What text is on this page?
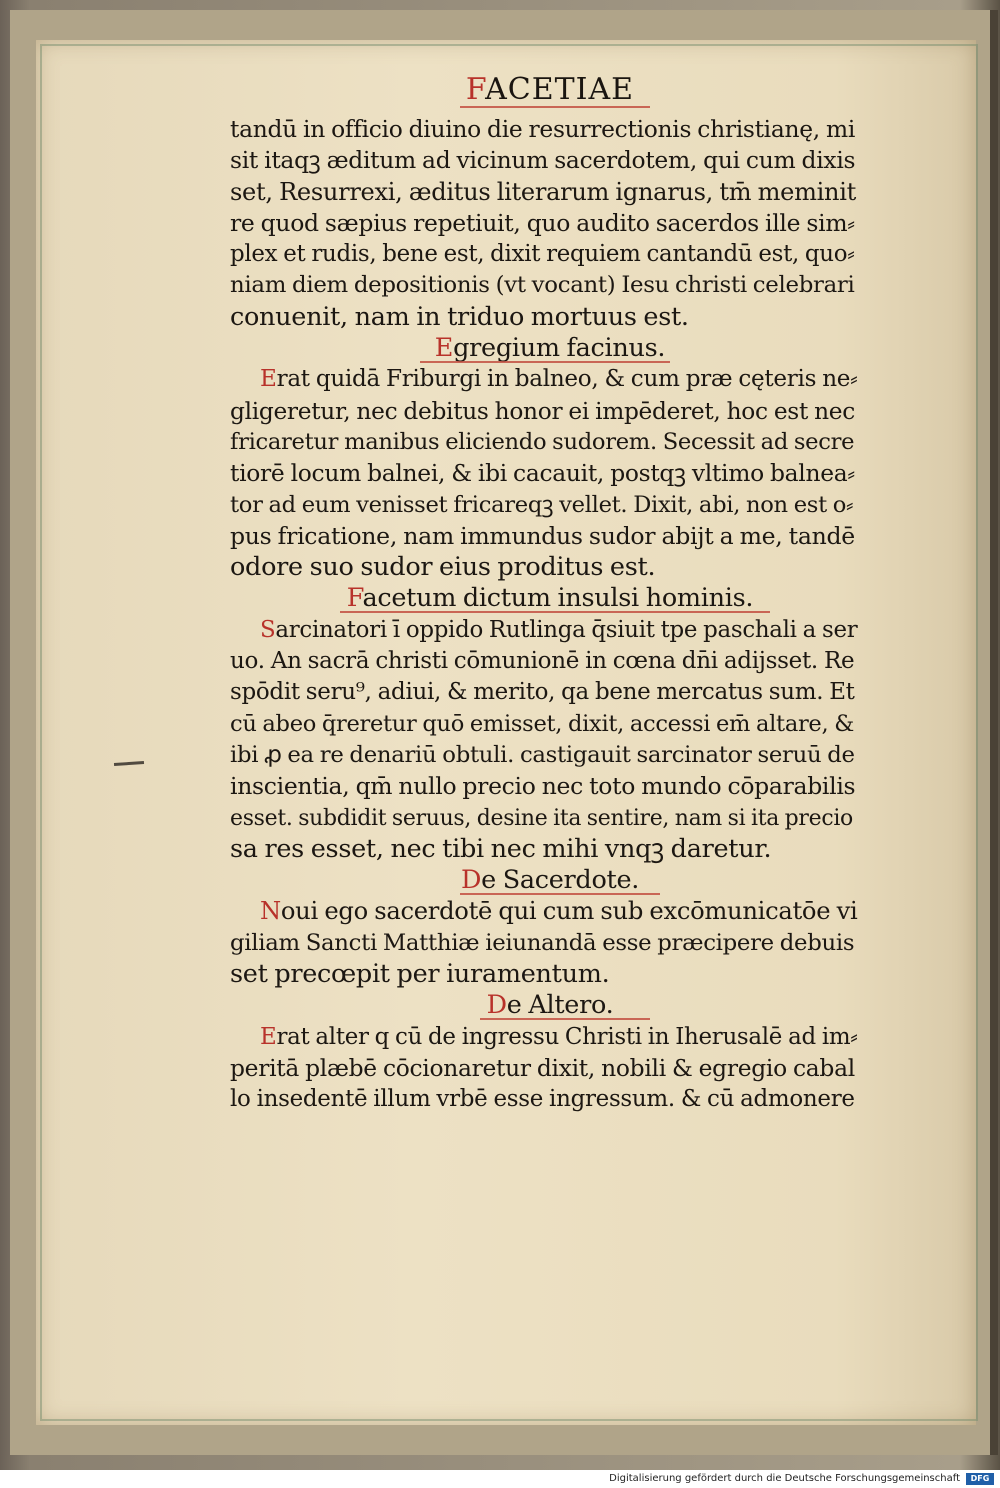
FACETIAE
tandū in officio diuino die resurrectionis christianę, mi
sit itaqꝫ æditum ad vicinum sacerdotem, qui cum dixis
set, Resurrexi, æditus literarum ignarus, tm̄ meminit
re quod sæpius repetiuit, quo audito sacerdos ille sim⸗
plex et rudis, bene est, dixit requiem cantandū est, quo⸗
niam diem depositionis (vt vocant) Iesu christi celebrari
conuenit, nam in triduo mortuus est.
Egregium facinus.
Erat quidā Friburgi in balneo, & cum præ cęteris ne⸗
gligeretur, nec debitus honor ei impēderet, hoc est nec
fricaretur manibus eliciendo sudorem. Secessit ad secre
tiorē locum balnei, & ibi cacauit, postqꝫ vltimo balnea⸗
tor ad eum venisset fricareqꝫ vellet. Dixit, abi, non est o⸗
pus fricatione, nam immundus sudor abijt a me, tandē
odore suo sudor eius proditus est.
Facetum dictum insulsi hominis.
Sarcinatori ī oppido Rutlinga q̄siuit tpe paschali a ser
uo. An sacrā christi cōmunionē in cœna dn̄i adijsset. Re
spōdit seru⁹, adiui, & merito, qa bene mercatus sum. Et
cū abeo q̄reretur quō emisset, dixit, accessi em̄ altare, &
ibi ꝓ ea re denariū obtuli. castigauit sarcinator seruū de
inscientia, qm̄ nullo precio nec toto mundo cōparabilis
esset. subdidit seruus, desine ita sentire, nam si ita precio
sa res esset, nec tibi nec mihi vnqꝫ daretur.
De Sacerdote.
Noui ego sacerdotē qui cum sub excōmunicatōe vi
giliam Sancti Matthiæ ieiunandā esse præcipere debuis
set precœpit per iuramentum.
De Altero.
Erat alter q cū de ingressu Christi in Iherusalē ad im⸗
peritā plæbē cōcionaretur dixit, nobili & egregio cabal
lo insedentē illum vrbē esse ingressum. & cū admonere
Digitalisierung gefördert durch die Deutsche Forschungsgemeinschaft	DFG
